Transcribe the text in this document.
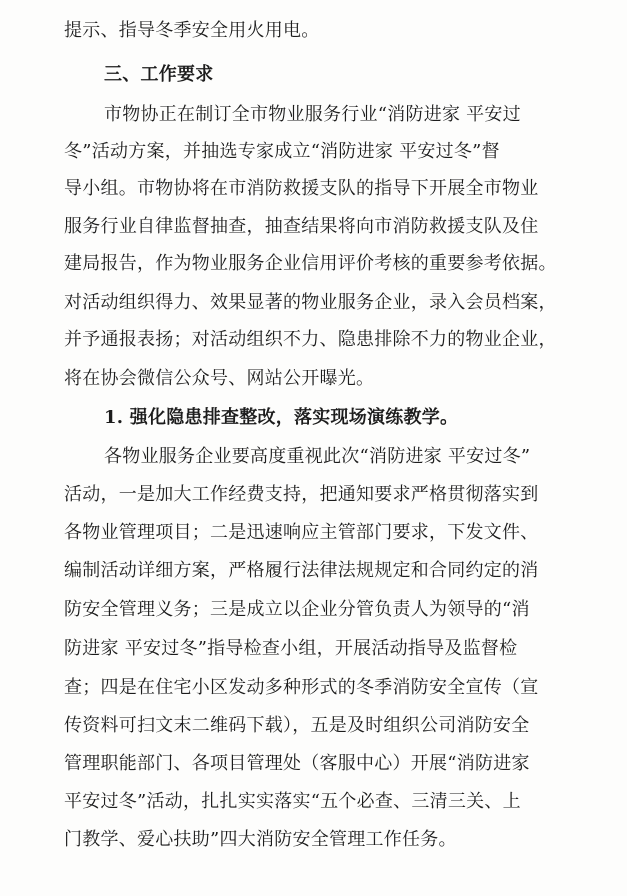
提示、指导冬季安全用火用电。
三、工作要求
市物协正在制订全市物业服务行业“消防进家 平安过
冬”活动方案，并抽选专家成立“消防进家 平安过冬”督
导小组。市物协将在市消防救援支队的指导下开展全市物业
服务行业自律监督抽查，抽查结果将向市消防救援支队及住
建局报告，作为物业服务企业信用评价考核的重要参考依据。
对活动组织得力、效果显著的物业服务企业，录入会员档案，
并予通报表扬；对活动组织不力、隐患排除不力的物业企业，
将在协会微信公众号、网站公开曝光。
1. 强化隐患排查整改，落实现场演练教学。
各物业服务企业要高度重视此次“消防进家 平安过冬”
活动，一是加大工作经费支持，把通知要求严格贯彻落实到
各物业管理项目；二是迅速响应主管部门要求，下发文件、
编制活动详细方案，严格履行法律法规规定和合同约定的消
防安全管理义务；三是成立以企业分管负责人为领导的“消
防进家 平安过冬”指导检查小组，开展活动指导及监督检
查；四是在住宅小区发动多种形式的冬季消防安全宣传（宣
传资料可扫文末二维码下载），五是及时组织公司消防安全
管理职能部门、各项目管理处（客服中心）开展“消防进家
平安过冬”活动，扎扎实实落实“五个必查、三清三关、上
门教学、爱心扶助”四大消防安全管理工作任务。
